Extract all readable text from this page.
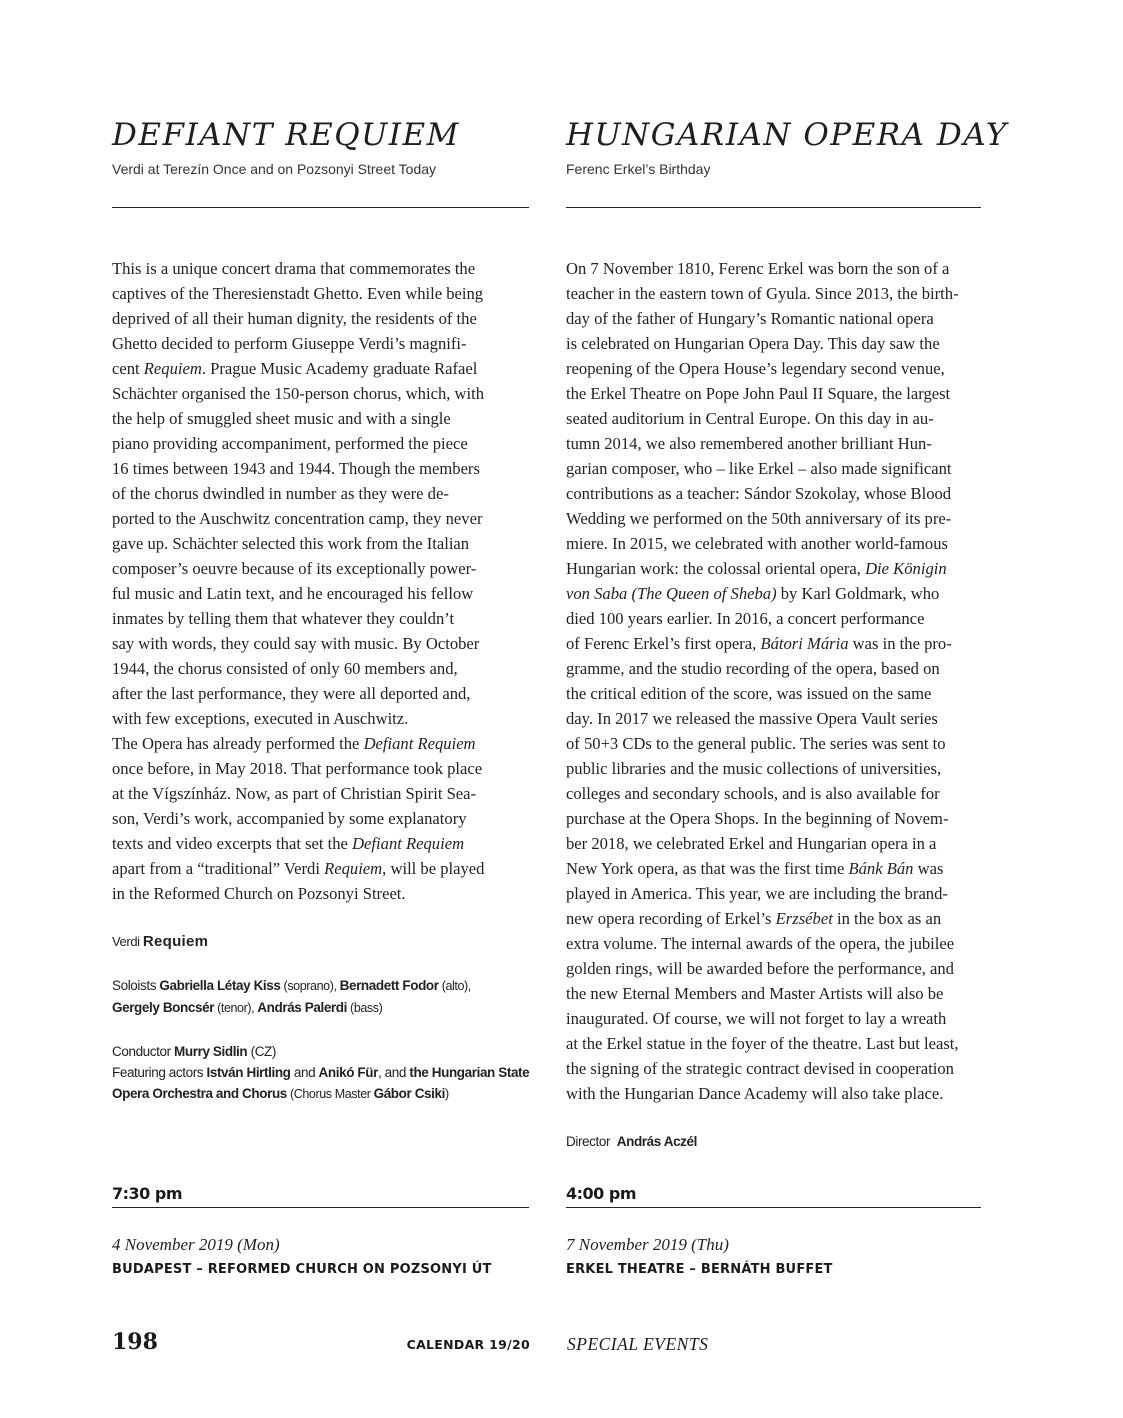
DEFIANT REQUIEM
Verdi at Terezín Once and on Pozsonyi Street Today
This is a unique concert drama that commemorates the
captives of the Theresienstadt Ghetto. Even while being
deprived of all their human dignity, the residents of the
Ghetto decided to perform Giuseppe Verdi’s magnifi-
cent Requiem. Prague Music Academy graduate Rafael
Schächter organised the 150-person chorus, which, with
the help of smuggled sheet music and with a single
piano providing accompaniment, performed the piece
16 times between 1943 and 1944. Though the members
of the chorus dwindled in number as they were de-
ported to the Auschwitz concentration camp, they never
gave up. Schächter selected this work from the Italian
composer’s oeuvre because of its exceptionally power-
ful music and Latin text, and he encouraged his fellow
inmates by telling them that whatever they couldn’t
say with words, they could say with music. By October
1944, the chorus consisted of only 60 members and,
after the last performance, they were all deported and,
with few exceptions, executed in Auschwitz.
The Opera has already performed the Defiant Requiem
once before, in May 2018. That performance took place
at the Vígszínház. Now, as part of Christian Spirit Sea-
son, Verdi’s work, accompanied by some explanatory
texts and video excerpts that set the Defiant Requiem
apart from a “traditional” Verdi Requiem, will be played
in the Reformed Church on Pozsonyi Street.
Verdi Requiem
Soloists Gabriella Létay Kiss (soprano), Bernadett Fodor (alto),
Gergely Boncsér (tenor), András Palerdi (bass)
Conductor Murry Sidlin (CZ)
Featuring actors István Hirtling and Anikó Für, and the Hungarian State
Opera Orchestra and Chorus (Chorus Master Gábor Csiki)
7:30 pm
4 November 2019 (Mon)
BUDAPEST – REFORMED CHURCH ON POZSONYI ÚT
HUNGARIAN OPERA DAY
Ferenc Erkel’s Birthday
On 7 November 1810, Ferenc Erkel was born the son of a
teacher in the eastern town of Gyula. Since 2013, the birth-
day of the father of Hungary’s Romantic national opera
is celebrated on Hungarian Opera Day. This day saw the
reopening of the Opera House’s legendary second venue,
the Erkel Theatre on Pope John Paul II Square, the largest
seated auditorium in Central Europe. On this day in au-
tumn 2014, we also remembered another brilliant Hun-
garian composer, who – like Erkel – also made significant
contributions as a teacher: Sándor Szokolay, whose Blood
Wedding we performed on the 50th anniversary of its pre-
miere. In 2015, we celebrated with another world-famous
Hungarian work: the colossal oriental opera, Die Königin
von Saba (The Queen of Sheba) by Karl Goldmark, who
died 100 years earlier. In 2016, a concert performance
of Ferenc Erkel’s first opera, Bátori Mária was in the pro-
gramme, and the studio recording of the opera, based on
the critical edition of the score, was issued on the same
day. In 2017 we released the massive Opera Vault series
of 50+3 CDs to the general public. The series was sent to
public libraries and the music collections of universities,
colleges and secondary schools, and is also available for
purchase at the Opera Shops. In the beginning of Novem-
ber 2018, we celebrated Erkel and Hungarian opera in a
New York opera, as that was the first time Bánk Bán was
played in America. This year, we are including the brand-
new opera recording of Erkel’s Erzsébet in the box as an
extra volume. The internal awards of the opera, the jubilee
golden rings, will be awarded before the performance, and
the new Eternal Members and Master Artists will also be
inaugurated. Of course, we will not forget to lay a wreath
at the Erkel statue in the foyer of the theatre. Last but least,
the signing of the strategic contract devised in cooperation
with the Hungarian Dance Academy will also take place.
Director András Aczél
4:00 pm
7 November 2019 (Thu)
ERKEL THEATRE – BERNÁTH BUFFET
198	CALENDAR 19/20 SPECIAL EVENTS
